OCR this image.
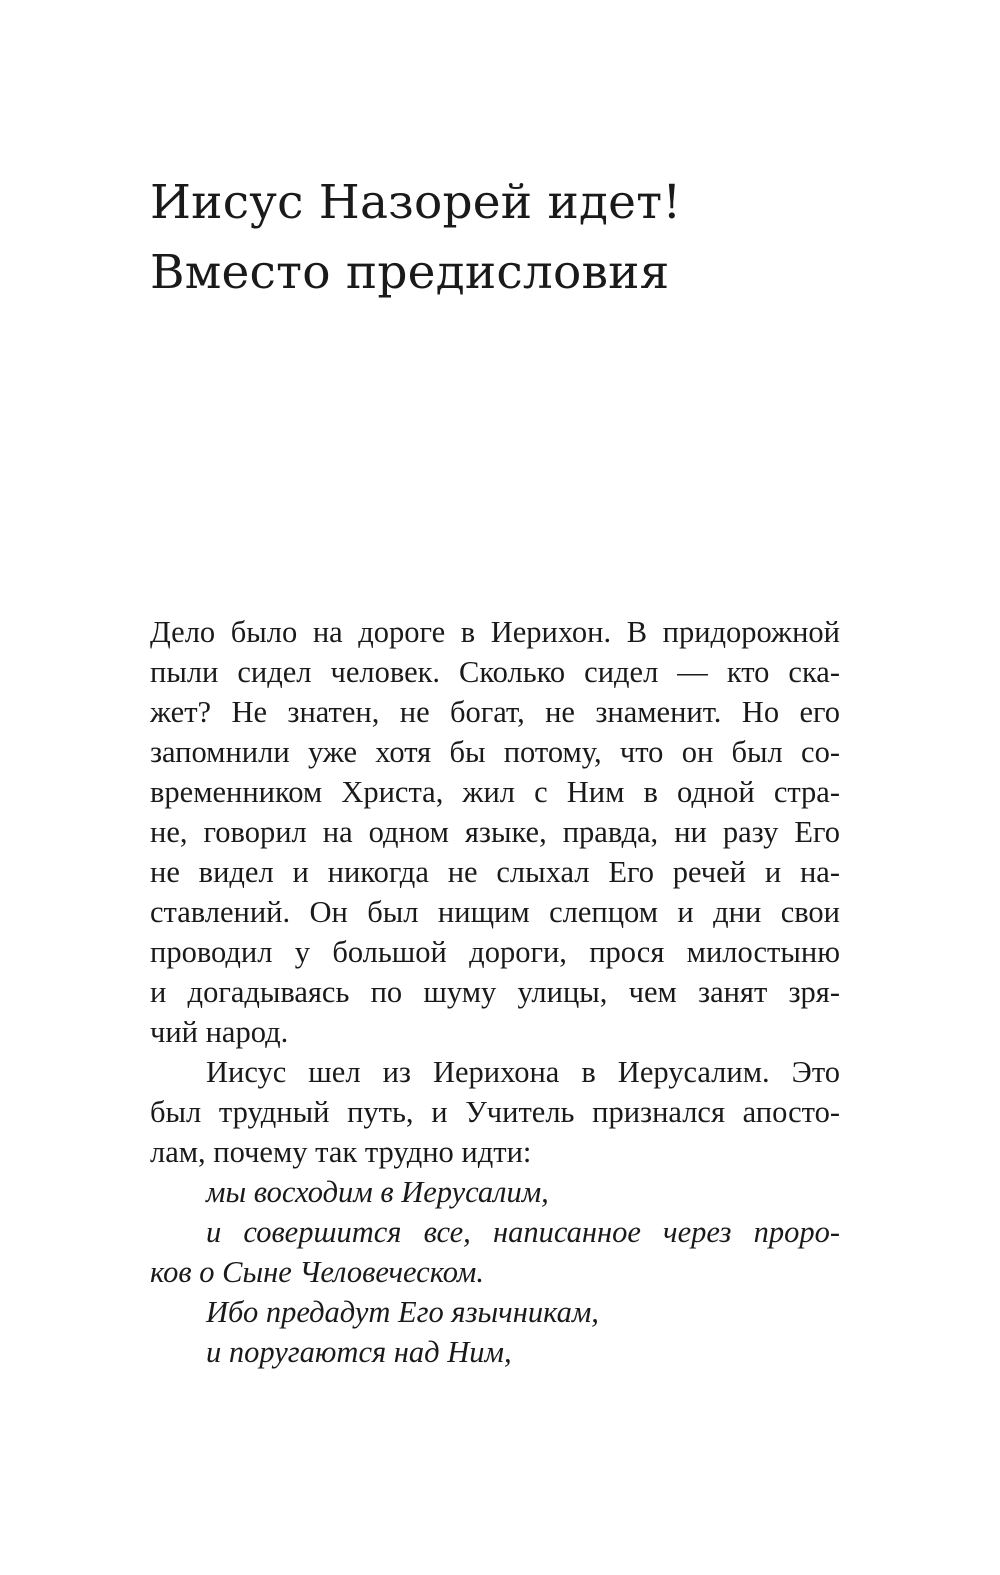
Иисус Назорей идет!
Вместо предисловия
Дело было на дороге в Иерихон. В придорожной
пыли сидел человек. Сколько сидел — кто ска-
жет? Не знатен, не богат, не знаменит. Но его
запомнили уже хотя бы потому, что он был со-
временником Христа, жил с Ним в одной стра-
не, говорил на одном языке, правда, ни разу Его
не видел и никогда не слыхал Его речей и на-
ставлений. Он был нищим слепцом и дни свои
проводил у большой дороги, прося милостыню
и догадываясь по шуму улицы, чем занят зря-
чий народ.
Иисус шел из Иерихона в Иерусалим. Это
был трудный путь, и Учитель признался апосто-
лам, почему так трудно идти:
мы восходим в Иерусалим,
и совершится все, написанное через проро-
ков о Сыне Человеческом.
Ибо предадут Его язычникам,
и поругаются над Ним,
